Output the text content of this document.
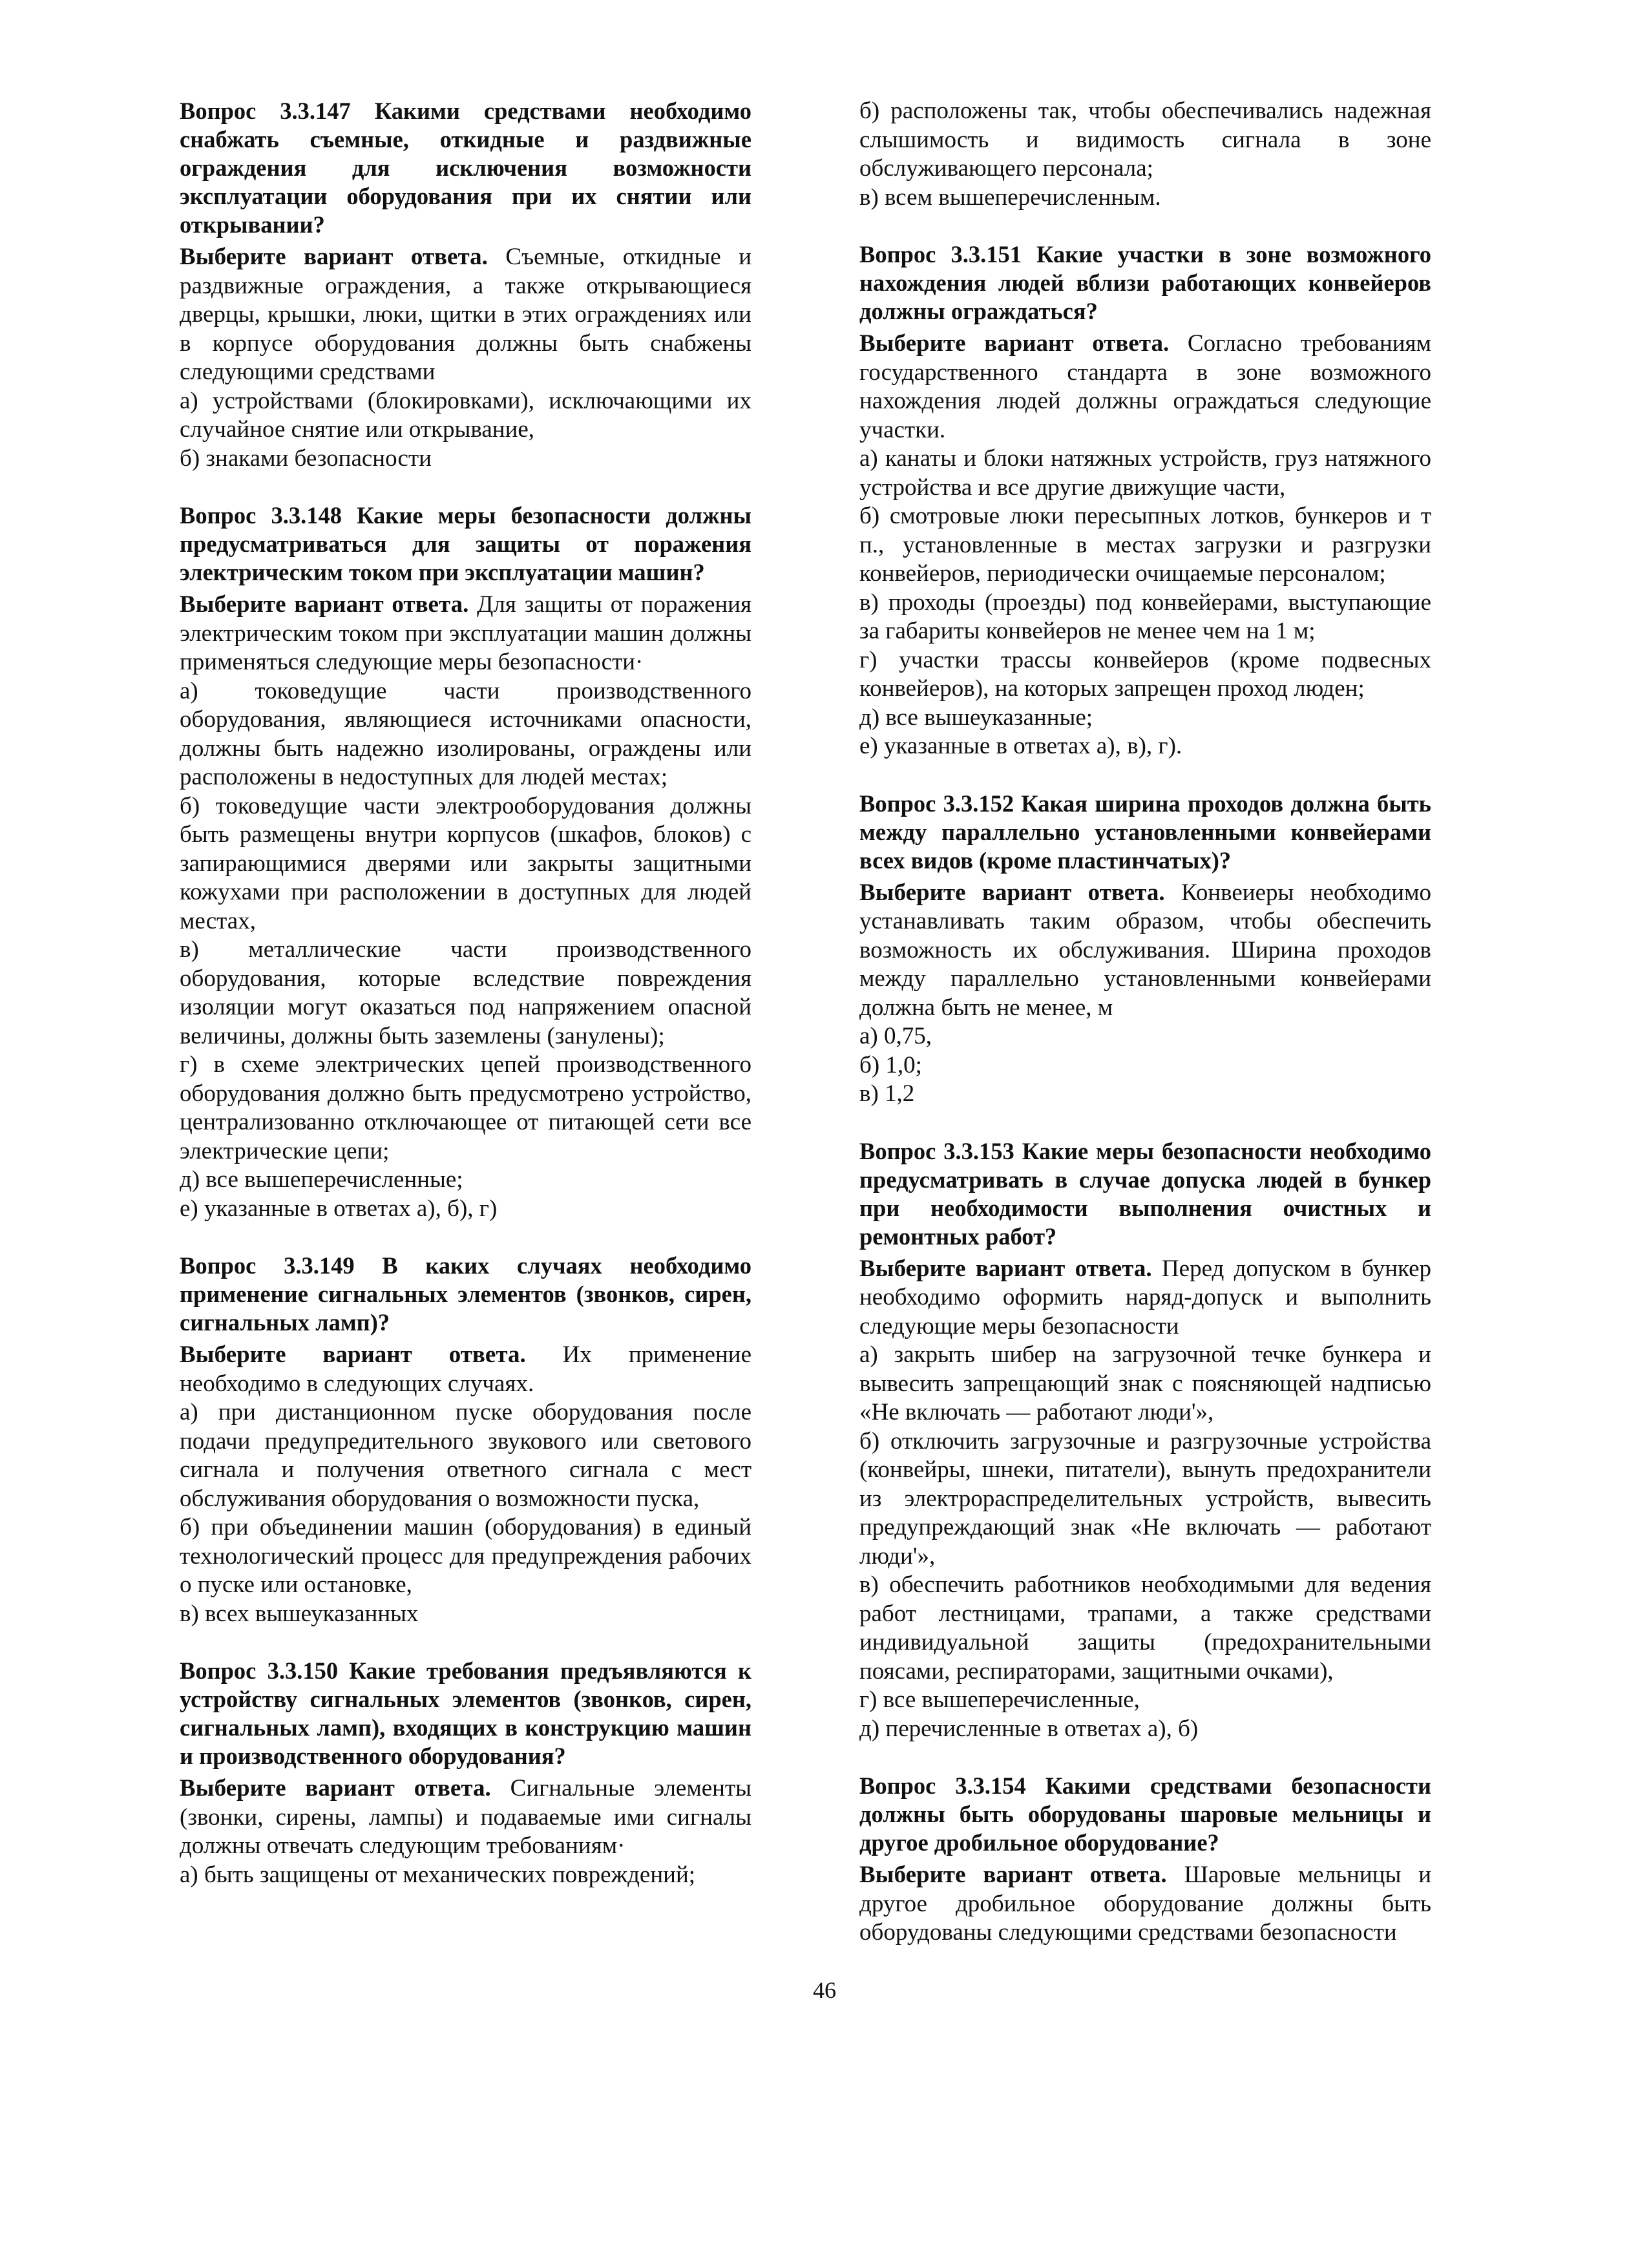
Вопрос 3.3.147 Какими средствами необходимо снабжать съемные, откидные и раздвижные ограждения для исключения возможности эксплуатации оборудования при их снятии или открывании?

Выберите вариант ответа. Съемные, откидные и раздвижные ограждения, а также открывающиеся дверцы, крышки, люки, щитки в этих ограждениях или в корпусе оборудования должны быть снабжены следующими средствами

а) устройствами (блокировками), исключающими их случайное снятие или открывание,

б) знаками безопасности

Вопрос 3.3.148 Какие меры безопасности должны предусматриваться для защиты от поражения электрическим током при эксплуатации машин?

Выберите вариант ответа. Для защиты от поражения электрическим током при эксплуатации машин должны применяться следующие меры безопасности·

а) токоведущие части производственного оборудования, являющиеся источниками опасности, должны быть надежно изолированы, ограждены или расположены в недоступных для людей местах;

б) токоведущие части электрооборудования должны быть размещены внутри корпусов (шкафов, блоков) с запирающимися дверями или закрыты защитными кожухами при расположении в доступных для людей местах,

в) металлические части производственного оборудования, которые вследствие повреждения изоляции могут оказаться под напряжением опасной величины, должны быть заземлены (занулены);

г) в схеме электрических цепей производственного оборудования должно быть предусмотрено устройство, централизованно отключающее от питающей сети все электрические цепи;

д) все вышеперечисленные;

е) указанные в ответах а), б), г)

Вопрос 3.3.149 В каких случаях необходимо применение сигнальных элементов (звонков, сирен, сигнальных ламп)?

Выберите вариант ответа. Их применение необходимо в следующих случаях.

а) при дистанционном пуске оборудования после подачи предупредительного звукового или светового сигнала и получения ответного сигнала с мест обслуживания оборудования о возможности пуска,

б) при объединении машин (оборудования) в единый технологический процесс для предупреждения рабочих о пуске или остановке,

в) всех вышеуказанных

Вопрос 3.3.150 Какие требования предъявляются к устройству сигнальных элементов (звонков, сирен, сигнальных ламп), входящих в конструкцию машин и производственного оборудования?

Выберите вариант ответа. Сигнальные элементы (звонки, сирены, лампы) и подаваемые ими сигналы должны отвечать следующим требованиям·

а) быть защищены от механических повреждений;

б) расположены так, чтобы обеспечивались надежная слышимость и видимость сигнала в зоне обслуживающего персонала;

в) всем вышеперечисленным.

Вопрос 3.3.151 Какие участки в зоне возможного нахождения людей вблизи работающих конвейеров должны ограждаться?

Выберите вариант ответа. Согласно требованиям государственного стандарта в зоне возможного нахождения людей должны ограждаться следующие участки.

а) канаты и блоки натяжных устройств, груз натяжного устройства и все другие движущие части,

б) смотровые люки пересыпных лотков, бункеров и т п., установленные в местах загрузки и разгрузки конвейеров, периодически очищаемые персоналом;

в) проходы (проезды) под конвейерами, выступающие за габариты конвейеров не менее чем на 1 м;

г) участки трассы конвейеров (кроме подвесных конвейеров), на которых запрещен проход люден;

д) все вышеуказанные;

е) указанные в ответах а), в), г).

Вопрос 3.3.152 Какая ширина проходов должна быть между параллельно установленными конвейерами всех видов (кроме пластинчатых)?

Выберите вариант ответа. Конвеиеры необходимо устанавливать таким образом, чтобы обеспечить возможность их обслуживания. Ширина проходов между параллельно установленными конвейерами должна быть не менее, м

а) 0,75,

б) 1,0;

в) 1,2

Вопрос 3.3.153 Какие меры безопасности необходимо предусматривать в случае допуска людей в бункер при необходимости выполнения очистных и ремонтных работ?

Выберите вариант ответа. Перед допуском в бункер необходимо оформить наряд-допуск и выполнить следующие меры безопасности

а) закрыть шибер на загрузочной течке бункера и вывесить запрещающий знак с поясняющей надписью «Не включать — работают люди'»,

б) отключить загрузочные и разгрузочные устройства (конвейры, шнеки, питатели), вынуть предохранители из электрораспределительных устройств, вывесить предупреждающий знак «Не включать — работают люди'»,

в) обеспечить работников необходимыми для ведения работ лестницами, трапами, а также средствами индивидуальной защиты (предохранительными поясами, респираторами, защитными очками),

г) все вышеперечисленные,

д) перечисленные в ответах а), б)

Вопрос 3.3.154 Какими средствами безопасности должны быть оборудованы шаровые мельницы и другое дробильное оборудование?

Выберите вариант ответа. Шаровые мельницы и другое дробильное оборудование должны быть оборудованы следующими средствами безопасности

46
